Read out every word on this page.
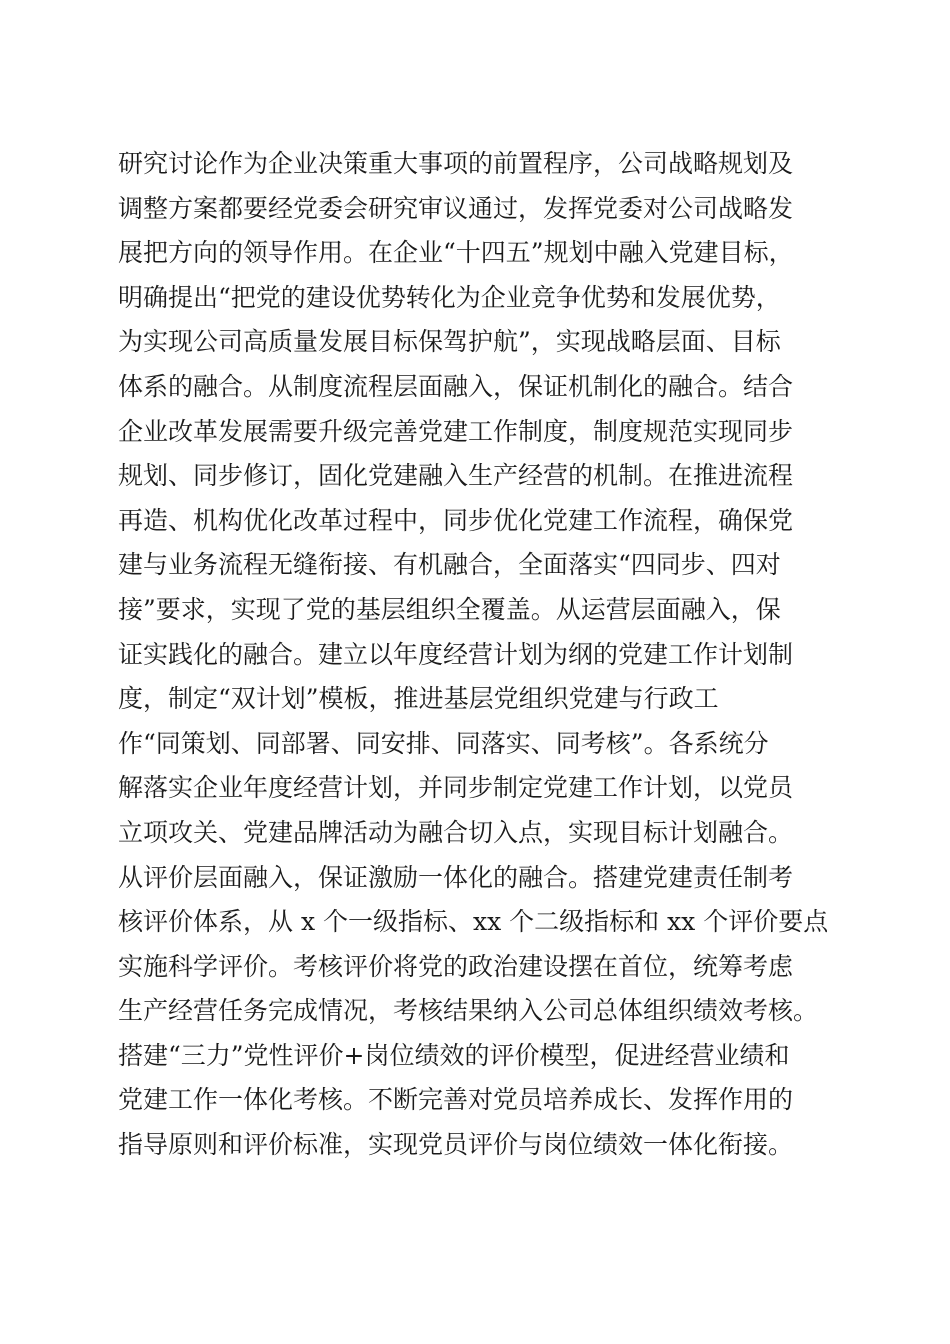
研究讨论作为企业决策重大事项的前置程序，公司战略规划及
调整方案都要经党委会研究审议通过，发挥党委对公司战略发
展把方向的领导作用。在企业“十四五”规划中融入党建目标，
明确提出“把党的建设优势转化为企业竞争优势和发展优势，
为实现公司高质量发展目标保驾护航”，实现战略层面、目标
体系的融合。从制度流程层面融入，保证机制化的融合。结合
企业改革发展需要升级完善党建工作制度，制度规范实现同步
规划、同步修订，固化党建融入生产经营的机制。在推进流程
再造、机构优化改革过程中，同步优化党建工作流程，确保党
建与业务流程无缝衔接、有机融合，全面落实“四同步、四对
接”要求，实现了党的基层组织全覆盖。从运营层面融入，保
证实践化的融合。建立以年度经营计划为纲的党建工作计划制
度，制定“双计划”模板，推进基层党组织党建与行政工
作“同策划、同部署、同安排、同落实、同考核”。各系统分
解落实企业年度经营计划，并同步制定党建工作计划，以党员
立项攻关、党建品牌活动为融合切入点，实现目标计划融合。
从评价层面融入，保证激励一体化的融合。搭建党建责任制考
核评价体系，从 x 个一级指标、xx 个二级指标和 xx 个评价要点
实施科学评价。考核评价将党的政治建设摆在首位，统筹考虑
生产经营任务完成情况，考核结果纳入公司总体组织绩效考核。
搭建“三力”党性评价+岗位绩效的评价模型，促进经营业绩和
党建工作一体化考核。不断完善对党员培养成长、发挥作用的
指导原则和评价标准，实现党员评价与岗位绩效一体化衔接。
